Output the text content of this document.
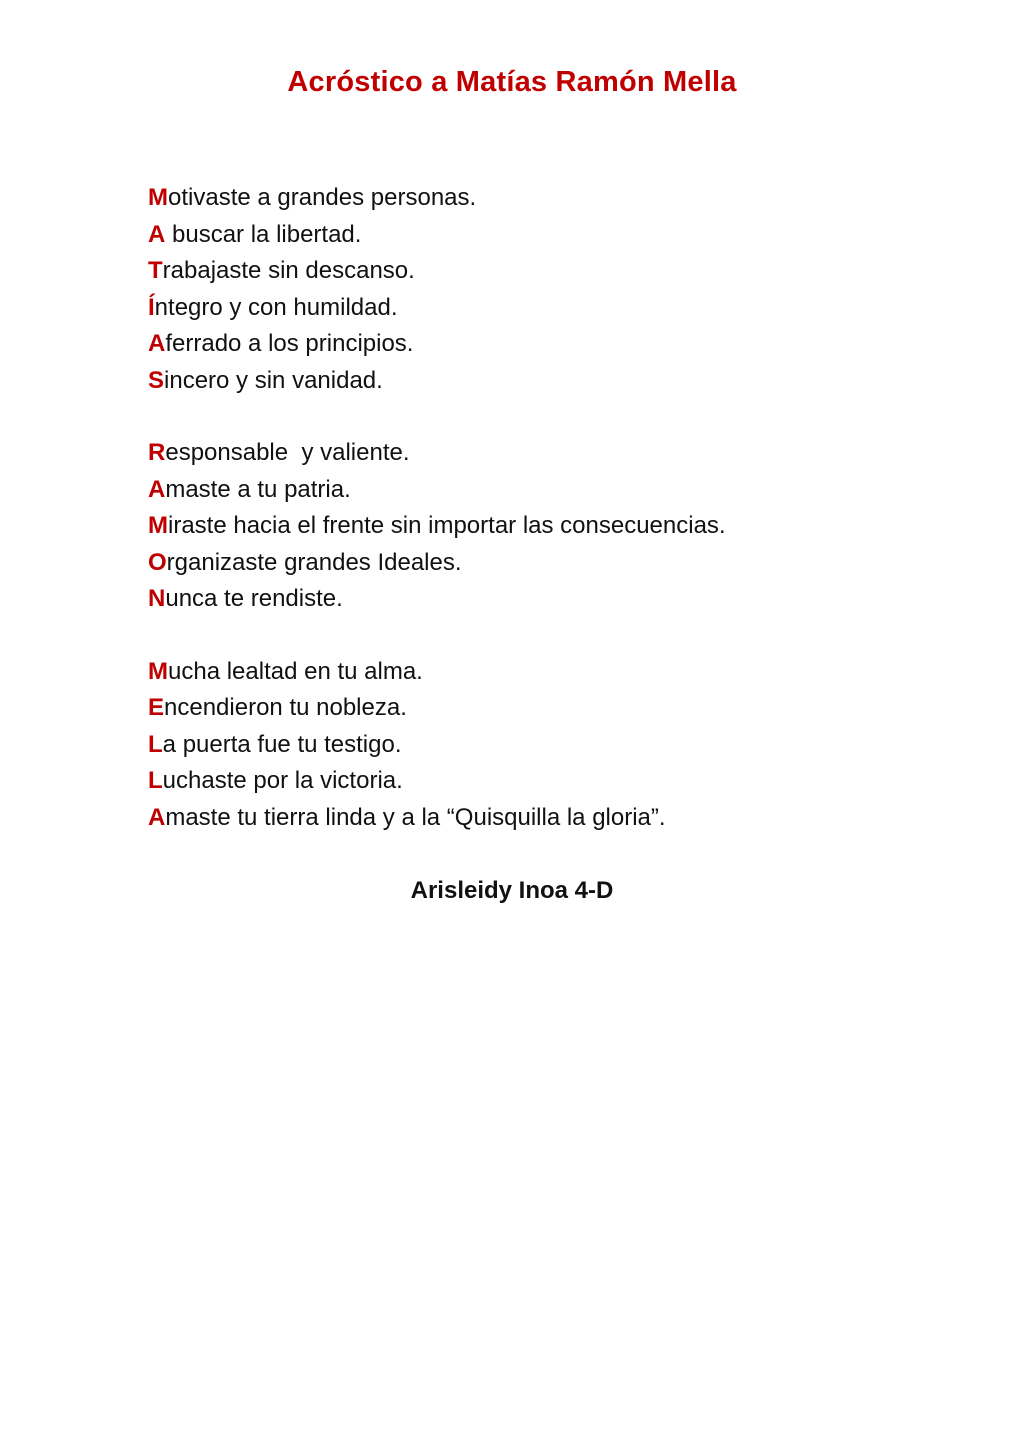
Acróstico a Matías Ramón Mella
Motivaste a grandes personas.
A buscar la libertad.
Trabajaste sin descanso.
Íntegro y con humildad.
Aferrado a los principios.
Sincero y sin vanidad.
Responsable  y valiente.
Amaste a tu patria.
Miraste hacia el frente sin importar las consecuencias.
Organizaste grandes Ideales.
Nunca te rendiste.
Mucha lealtad en tu alma.
Encendieron tu nobleza.
La puerta fue tu testigo.
Luchaste por la victoria.
Amaste tu tierra linda y a la “Quisquilla la gloria”.
Arisleidy Inoa 4-D
